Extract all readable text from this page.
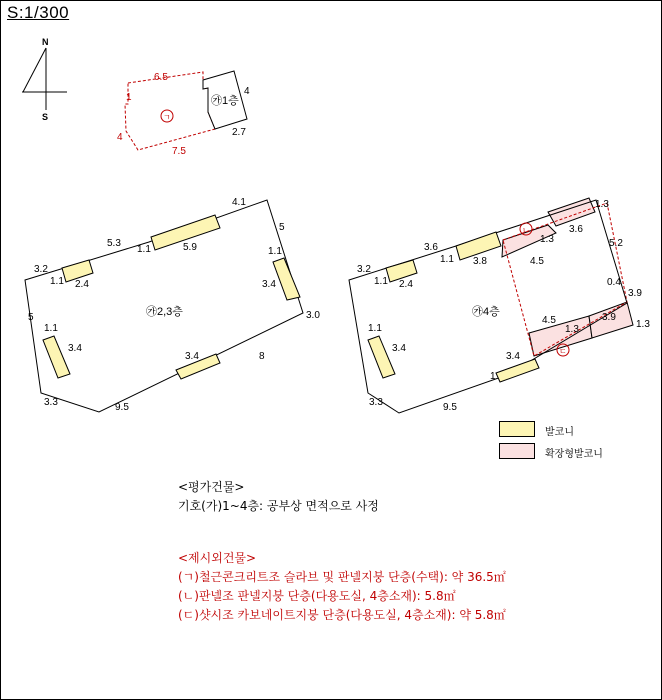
S:1/300
N
S	ㄱ
㉮1층
6.5
1
4
7.5
4
2.7
㉮2,3층
4.1
5.3
1.1	5.9
5
1.1
3.2
1.1 2.4	3.4
3.0
5
1.1
3.4
3.4	8
3.3	9.5
ㄴ
ㄷ
㉮4층
1.3
3.6
1.3
3.6
1.1 3.8	4.5
5.2
3.2
1.1 2.4	0.4
3.9
4.5	3.9
1.3	1.3
1.1
3.4
3.4
1
3.3	9.5
발코니
확장형발코니
<평가건물>
기호(가)1~4층: 공부상 면적으로 사정
<제시외건물>
(ㄱ)철근콘크리트조 슬라브 및 판넬지붕 단층(수택): 약 36.5㎡
(ㄴ)판넬조 판넬지붕 단층(다용도실, 4층소재): 5.8㎡
(ㄷ)샷시조 카보네이트지붕 단층(다용도실, 4층소재): 약 5.8㎡
